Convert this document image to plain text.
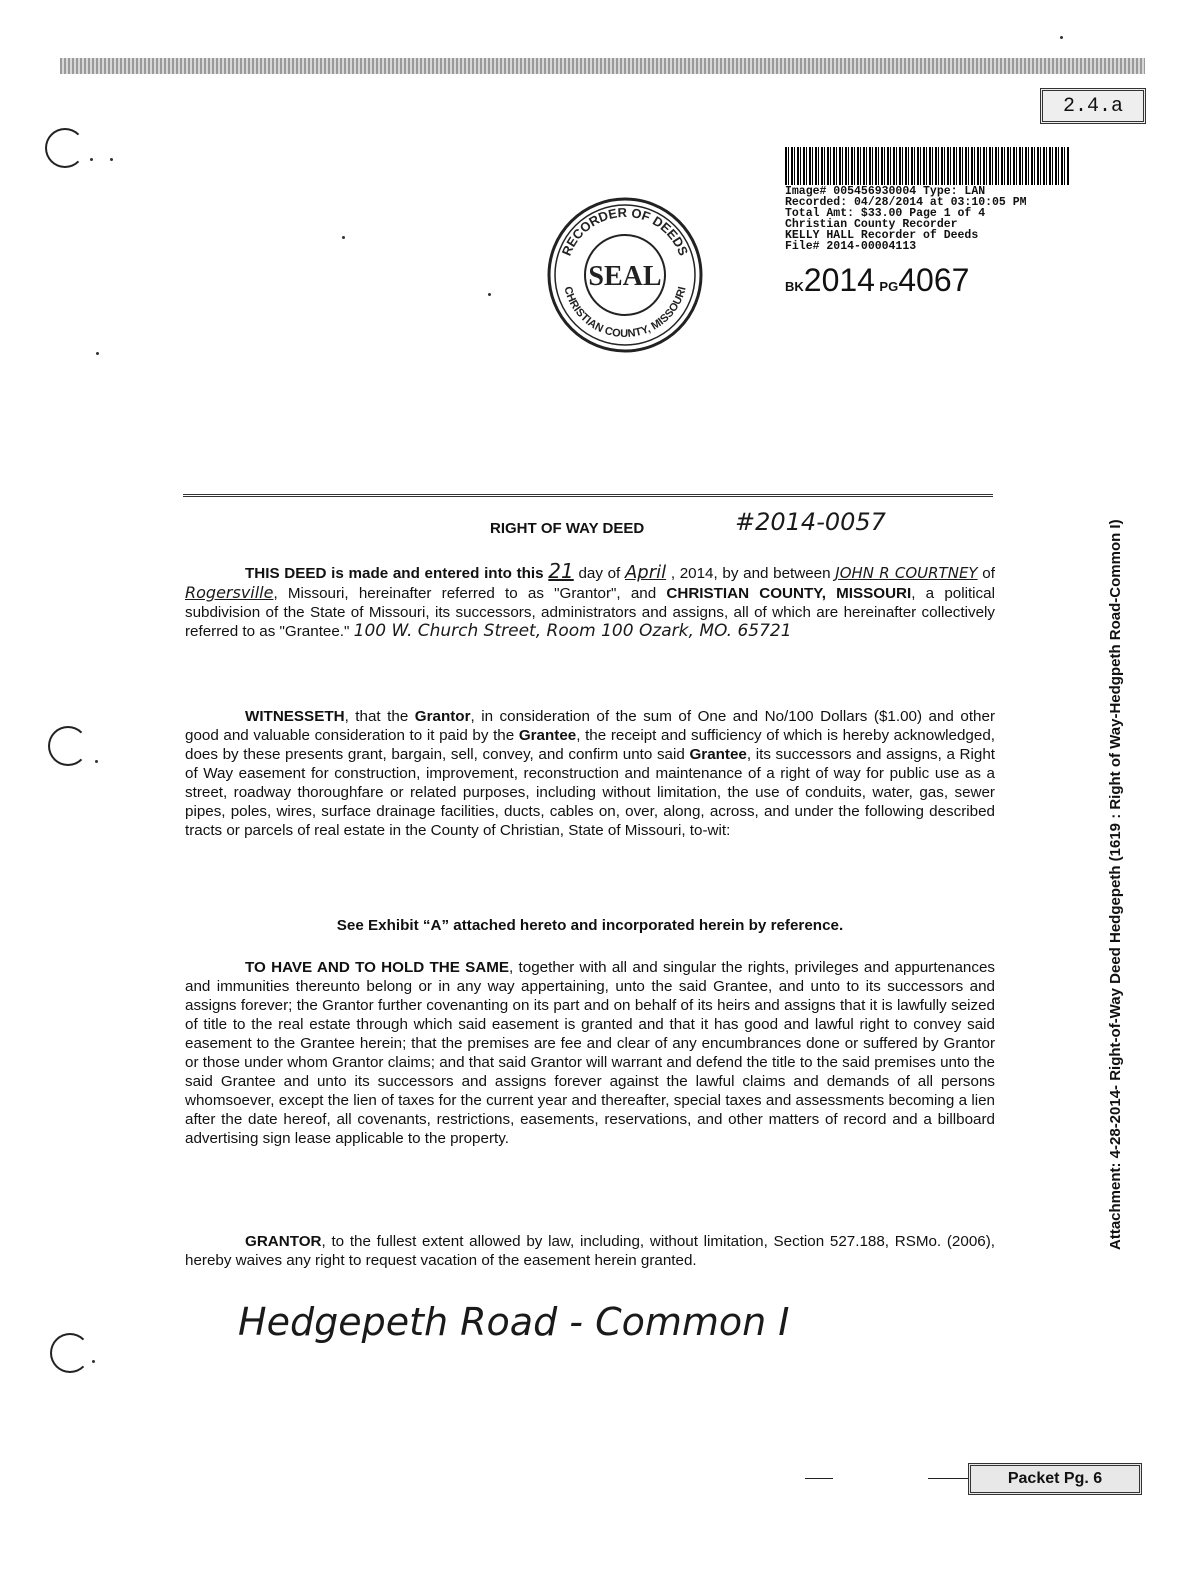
2.4.a
Image# 005456930004 Type: LAN
Recorded: 04/28/2014 at 03:10:05 PM
Total Amt: $33.00 Page 1 of 4
Christian County Recorder
KELLY HALL Recorder of Deeds
File# 2014-00004113
BK2014 PG4067
RECORDER OF DEEDS
CHRISTIAN COUNTY, MISSOURI
SEAL
RIGHT OF WAY DEED	#2014-0057

THIS DEED is made and entered into this 21 day of April , 2014, by and between JOHN R COURTNEY of Rogersville, Missouri, hereinafter referred to as "Grantor", and CHRISTIAN COUNTY, MISSOURI, a political subdivision of the State of Missouri, its successors, administrators and assigns, all of which are hereinafter collectively referred to as "Grantee." 100 W. Church Street, Room 100 Ozark, MO. 65721

WITNESSETH, that the Grantor, in consideration of the sum of One and No/100 Dollars ($1.00) and other good and valuable consideration to it paid by the Grantee, the receipt and sufficiency of which is hereby acknowledged, does by these presents grant, bargain, sell, convey, and confirm unto said Grantee, its successors and assigns, a Right of Way easement for construction, improvement, reconstruction and maintenance of a right of way for public use as a street, roadway thoroughfare or related purposes, including without limitation, the use of conduits, water, gas, sewer pipes, poles, wires, surface drainage facilities, ducts, cables on, over, along, across, and under the following described tracts or parcels of real estate in the County of Christian, State of Missouri, to-wit:

See Exhibit “A” attached hereto and incorporated herein by reference.

TO HAVE AND TO HOLD THE SAME, together with all and singular the rights, privileges and appurtenances and immunities thereunto belong or in any way appertaining, unto the said Grantee, and unto to its successors and assigns forever; the Grantor further covenanting on its part and on behalf of its heirs and assigns that it is lawfully seized of title to the real estate through which said easement is granted and that it has good and lawful right to convey said easement to the Grantee herein; that the premises are fee and clear of any encumbrances done or suffered by Grantor or those under whom Grantor claims; and that said Grantor will warrant and defend the title to the said premises unto the said Grantee and unto its successors and assigns forever against the lawful claims and demands of all persons whomsoever, except the lien of taxes for the current year and thereafter, special taxes and assessments becoming a lien after the date hereof, all covenants, restrictions, easements, reservations, and other matters of record and a billboard advertising sign lease applicable to the property.

GRANTOR, to the fullest extent allowed by law, including, without limitation, Section 527.188, RSMo. (2006), hereby waives any right to request vacation of the easement herein granted.

Hedgepeth Road - Common I
Attachment: 4-28-2014- Right-of-Way Deed Hedgepeth (1619 : Right of Way-Hedgpeth Road-Common I)
Packet Pg. 6
